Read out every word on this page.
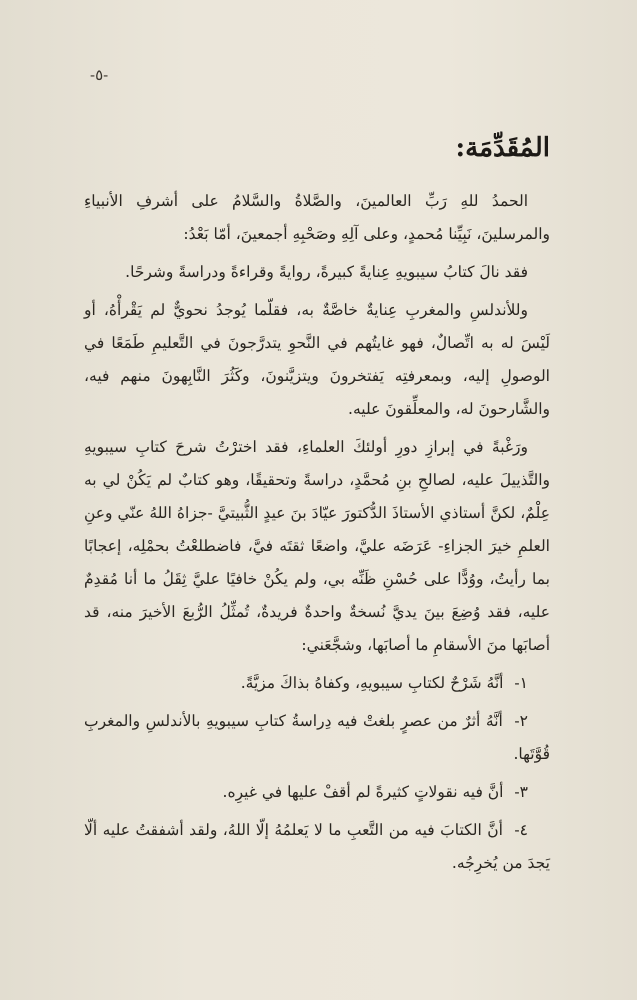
-٥-
المُقَدِّمَة:

الحمدُ للهِ رَبِّ العالمينَ، والصَّلاةُ والسَّلامُ على أشرفِ الأنبياءِ والمرسلينَ، نَبِيِّنا مُحمدٍ، وعلى آلِهِ وصَحْبِهِ أجمعينَ، أمّا بَعْدُ:

فقد نالَ كتابُ سيبويهِ عِنايةً كبيرةً، روايةً وقراءةً ودراسةً وشرحًا.

وللأندلسِ والمغربِ عِنايةٌ خاصَّةٌ به، فقلّما يُوجدُ نحويٌّ لم يَقْرأْهُ، أو لَيْسَ له به اتِّصالٌ، فهو غايتُهم في النَّحوِ يتدرَّجونَ في التَّعليمِ طَمَعًا في الوصولِ إليه، وبمعرفتِه يَفتخرونَ ويتزيَّنونَ، وكَثُرَ النَّابِهونَ منهم فيه، والشَّارحونَ له، والمعلِّقونَ عليه.

ورَغْبةً في إبرازِ دورِ أولئكَ العلماءِ، فقد اخترْتُ شرحَ كتابِ سيبويهِ والتَّذييلَ عليه، لصالحِ بنِ مُحمَّدٍ، دراسةً وتحقيقًا، وهو كتابٌ لم يَكُنْ لي به عِلْمٌ، لكنَّ أستاذي الأستاذَ الدُّكتورَ عيّادَ بنَ عيدٍ الثُّبيتيَّ -جزاهُ اللهُ عنّي وعنِ العلمِ خيرَ الجزاءِ- عَرَضَه عليَّ، واضعًا ثقتَه فيَّ، فاضطلعْتُ بحمْلِه، إعجابًا بما رأيتُ، ووُدًّا على حُسْنِ ظَنِّه بي، ولم يكُنْ خافيًا عليَّ ثِقَلُ ما أنا مُقدِمٌ عليه، فقد وُضِعَ بينَ يديَّ نُسخةٌ واحدةٌ فريدةٌ، تُمثِّلُ الرُّبعَ الأخيرَ منه، قد أصابَها منَ الأسقامِ ما أصابَها، وشجَّعَني:

١- أنَّهُ شَرْحٌ لكتابِ سيبويهِ، وكفاهُ بذاكَ مزيَّةً.

٢- أنَّهُ أثرٌ من عصرٍ بلغتْ فيه دِراسةُ كتابِ سيبويهِ بالأندلسِ والمغربِ قُوَّتَها.

٣- أنَّ فيه نقولاتٍ كثيرةً لم أقفْ عليها في غيرِه.

٤- أنَّ الكتابَ فيه من التَّعبِ ما لا يَعلمُهُ إلّا اللهُ، ولقد أشفقتُ عليه ألّا يَجدَ من يُخرِجُه.
